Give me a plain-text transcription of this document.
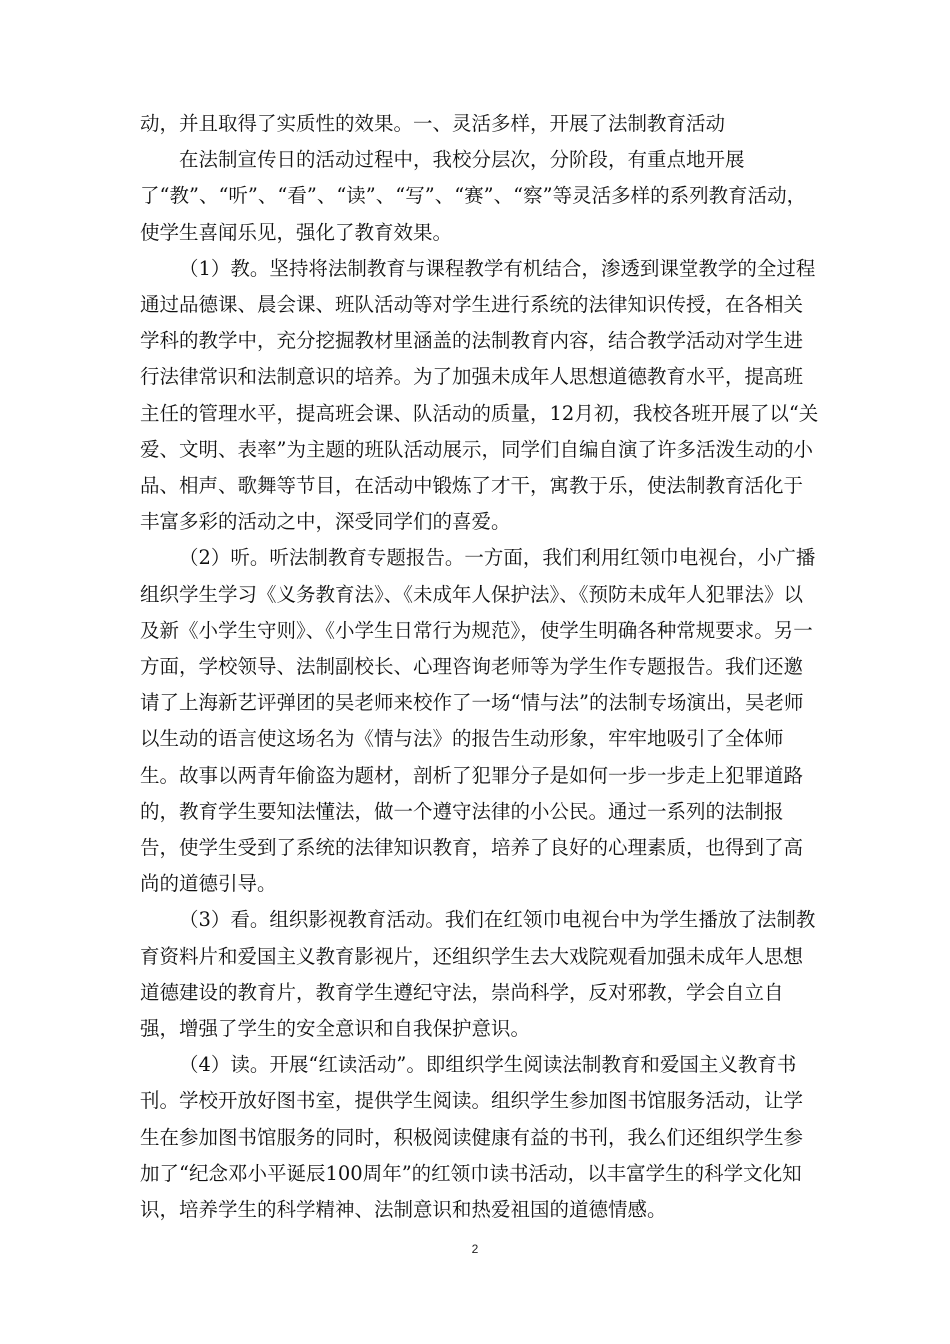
动，并且取得了实质性的效果。一、灵活多样，开展了法制教育活动

在法制宣传日的活动过程中，我校分层次，分阶段，有重点地开展了“教”、“听”、“看”、“读”、“写”、“赛”、“察”等灵活多样的系列教育活动，使学生喜闻乐见，强化了教育效果。

（1）教。坚持将法制教育与课程教学有机结合，渗透到课堂教学的全过程通过品德课、晨会课、班队活动等对学生进行系统的法律知识传授，在各相关学科的教学中，充分挖掘教材里涵盖的法制教育内容，结合教学活动对学生进行法律常识和法制意识的培养。为了加强未成年人思想道德教育水平，提高班主任的管理水平，提高班会课、队活动的质量，12月初，我校各班开展了以“关爱、文明、表率”为主题的班队活动展示，同学们自编自演了许多活泼生动的小品、相声、歌舞等节目，在活动中锻炼了才干，寓教于乐，使法制教育活化于丰富多彩的活动之中，深受同学们的喜爱。

（2）听。听法制教育专题报告。一方面，我们利用红领巾电视台，小广播组织学生学习《义务教育法》、《未成年人保护法》、《预防未成年人犯罪法》以及新《小学生守则》、《小学生日常行为规范》，使学生明确各种常规要求。另一方面，学校领导、法制副校长、心理咨询老师等为学生作专题报告。我们还邀请了上海新艺评弹团的吴老师来校作了一场“情与法”的法制专场演出，吴老师以生动的语言使这场名为《情与法》的报告生动形象，牢牢地吸引了全体师生。故事以两青年偷盗为题材，剖析了犯罪分子是如何一步一步走上犯罪道路的，教育学生要知法懂法，做一个遵守法律的小公民。通过一系列的法制报告，使学生受到了系统的法律知识教育，培养了良好的心理素质，也得到了高尚的道德引导。

（3）看。组织影视教育活动。我们在红领巾电视台中为学生播放了法制教育资料片和爱国主义教育影视片，还组织学生去大戏院观看加强未成年人思想道德建设的教育片，教育学生遵纪守法，崇尚科学，反对邪教，学会自立自强，增强了学生的安全意识和自我保护意识。

（4）读。开展“红读活动”。即组织学生阅读法制教育和爱国主义教育书刊。学校开放好图书室，提供学生阅读。组织学生参加图书馆服务活动，让学生在参加图书馆服务的同时，积极阅读健康有益的书刊，我么们还组织学生参加了“纪念邓小平诞辰100周年”的红领巾读书活动，以丰富学生的科学文化知识，培养学生的科学精神、法制意识和热爱祖国的道德情感。

2
